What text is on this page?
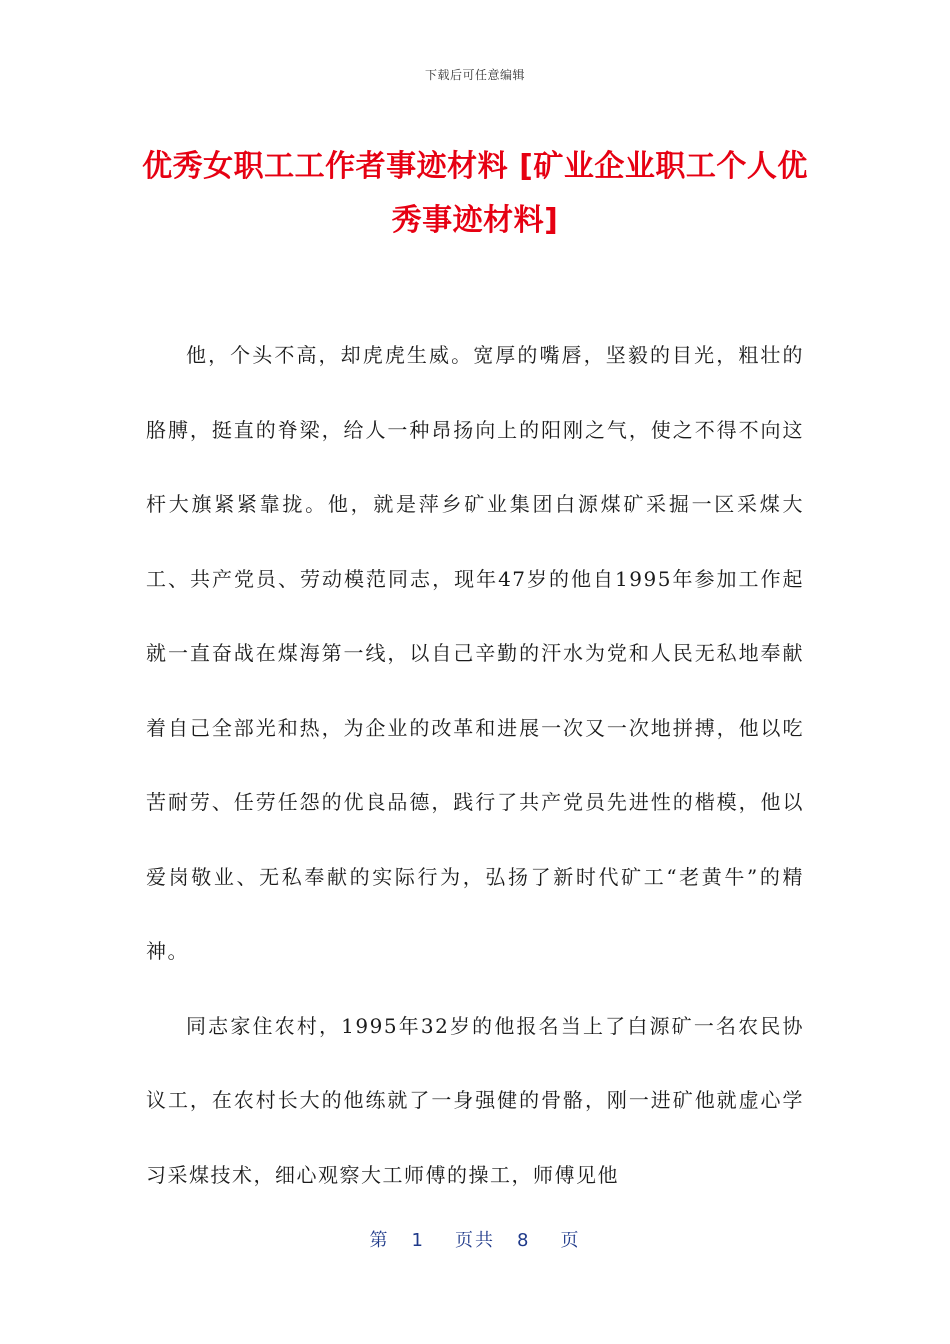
下载后可任意编辑
优秀女职工工作者事迹材料 [矿业企业职工个人优秀事迹材料]

他，个头不高，却虎虎生威。宽厚的嘴唇，坚毅的目光，粗壮的胳膊，挺直的脊梁，给人一种昂扬向上的阳刚之气，使之不得不向这杆大旗紧紧靠拢。他，就是萍乡矿业集团白源煤矿采掘一区采煤大工、共产党员、劳动模范同志，现年47岁的他自1995年参加工作起就一直奋战在煤海第一线，以自己辛勤的汗水为党和人民无私地奉献着自己全部光和热，为企业的改革和进展一次又一次地拼搏，他以吃苦耐劳、任劳任怨的优良品德，践行了共产党员先进性的楷模，他以爱岗敬业、无私奉献的实际行为，弘扬了新时代矿工“老黄牛”的精神。

同志家住农村，1995年32岁的他报名当上了白源矿一名农民协议工，在农村长大的他练就了一身强健的骨骼，刚一进矿他就虚心学习采煤技术，细心观察大工师傅的操工，师傅见他

第 1 页共 8 页
